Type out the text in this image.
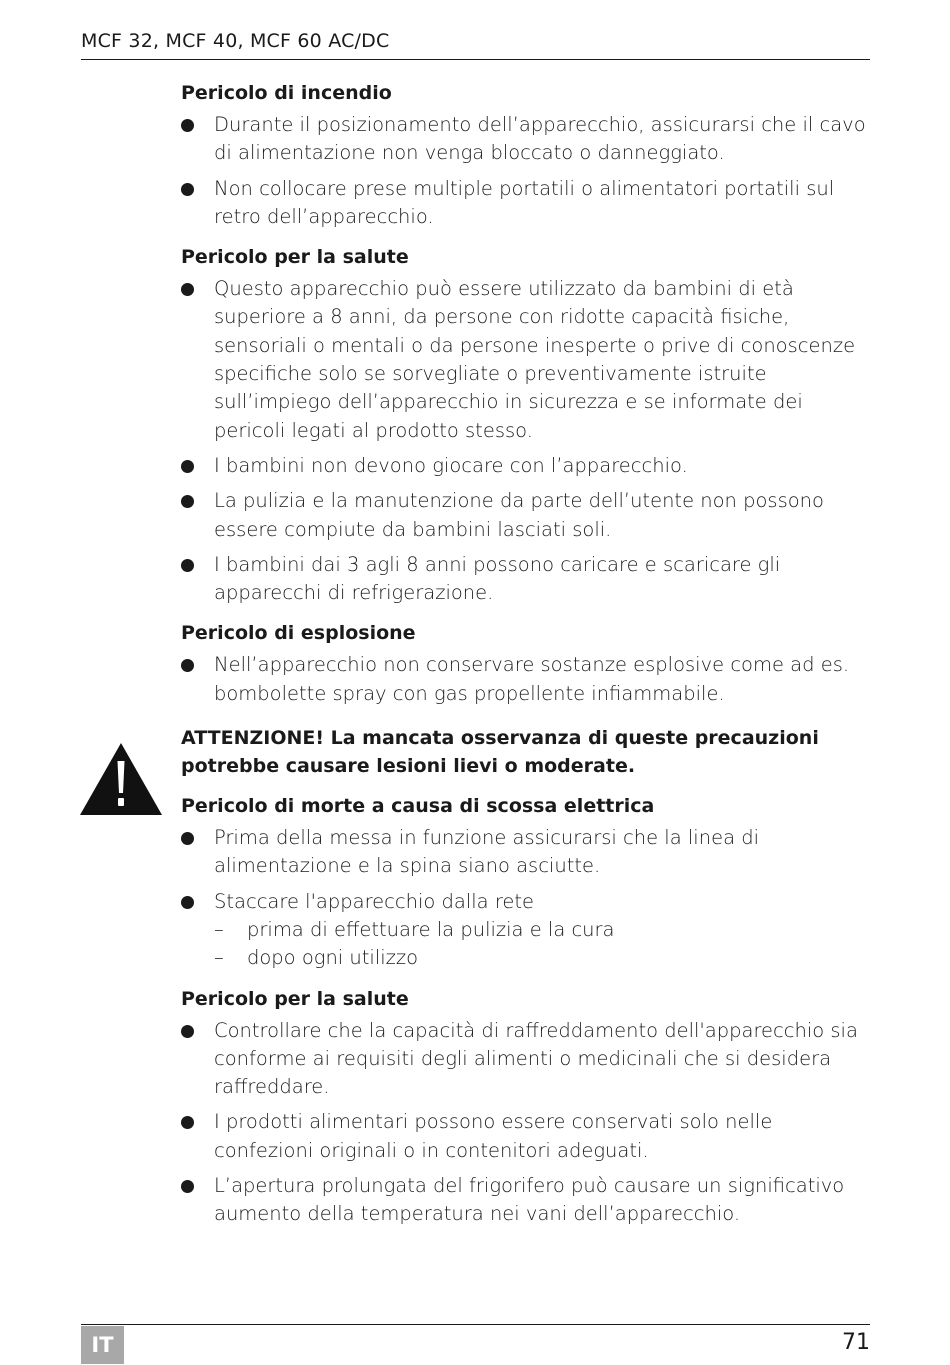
MCF 32, MCF 40, MCF 60 AC/DC
Pericolo di incendio
Durante il posizionamento dell’apparecchio, assicurarsi che il cavo di alimentazione non venga bloccato o danneggiato.
Non collocare prese multiple portatili o alimentatori portatili sul retro dell’apparecchio.
Pericolo per la salute
Questo apparecchio può essere utilizzato da bambini di età superiore a 8 anni, da persone con ridotte capacità fisiche, sensoriali o mentali o da persone inesperte o prive di conoscenze specifiche solo se sorvegliate o preventivamente istruite sull’impiego dell’apparecchio in sicurezza e se informate dei pericoli legati al prodotto stesso.
I bambini non devono giocare con l’apparecchio.
La pulizia e la manutenzione da parte dell’utente non possono essere compiute da bambini lasciati soli.
I bambini dai 3 agli 8 anni possono caricare e scaricare gli apparecchi di refrigerazione.
Pericolo di esplosione
Nell’apparecchio non conservare sostanze esplosive come ad es. bombolette spray con gas propellente infiammabile.
ATTENZIONE! La mancata osservanza di queste precauzioni potrebbe causare lesioni lievi o moderate.
Pericolo di morte a causa di scossa elettrica
Prima della messa in funzione assicurarsi che la linea di alimentazione e la spina siano asciutte.
Staccare l'apparecchio dalla rete
– prima di effettuare la pulizia e la cura
– dopo ogni utilizzo
Pericolo per la salute
Controllare che la capacità di raffreddamento dell'apparecchio sia conforme ai requisiti degli alimenti o medicinali che si desidera raffreddare.
I prodotti alimentari possono essere conservati solo nelle confezioni originali o in contenitori adeguati.
L’apertura prolungata del frigorifero può causare un significativo aumento della temperatura nei vani dell’apparecchio.
IT	71
